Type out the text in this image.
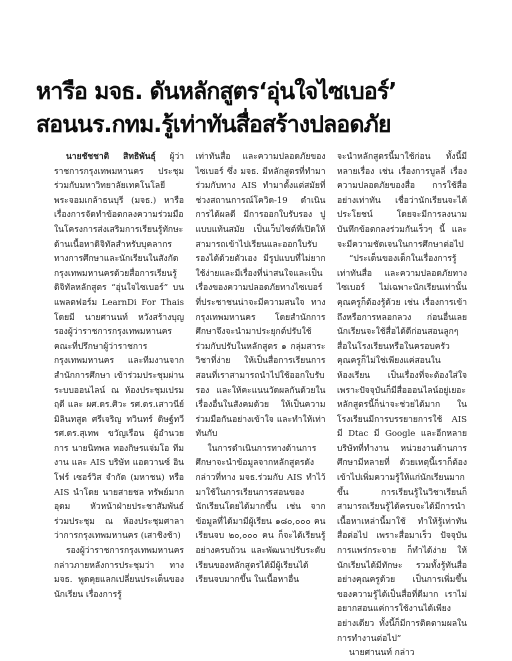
หารือ มจธ. ดันหลักสูตร‘อุ่นใจไซเบอร์’
สอนนร.กทม.รู้เท่าทันสื่อสร้างปลอดภัย

นายชัชชาติ สิทธิพันธุ์ ผู้ว่าราชการกรุงเทพมหานคร ประชุมร่วมกับมหาวิทยาลัยเทคโนโลยีพระจอมเกล้าธนบุรี (มจธ.) หารือเรื่องการจัดทำข้อตกลงความร่วมมือในโครงการส่งเสริมการเรียนรู้ทักษะด้านเนื้อหาดิจิทัลสำหรับบุคลากรทางการศึกษาและนักเรียนในสังกัดกรุงเทพมหานครด้วยสื่อการเรียนรู้ดิจิทัลหลักสูตร “อุ่นใจไซเบอร์” บนแพลตฟอร์ม LearnDi For Thais โดยมี นายศานนท์ หวังสร้างบุญ รองผู้ว่าราชการกรุงเทพมหานคร คณะที่ปรึกษาผู้ว่าราชการกรุงเทพมหานคร และทีมงานจาก สำนักการศึกษา เข้าร่วมประชุมผ่านระบบออนไลน์ ณ ห้องประชุมเปรมฤดี และ ผศ.ดร.ศิวะ รศ.ดร.เสาวนีย์ มิลินทสูต ศรีเจริญ ทวินทร์ ดิษฐ์ทวี รศ.ดร.สุเทพ ขวัญเรือน ผู้อำนวยการ นายนิทพล ทองกิษรแจ่มโอ ทีมงาน และ AIS บริษัท แอดวานซ์ อินโฟร์ เซอร์วิส จำกัด (มหาชน) หรือ AIS นำโดย นายสายชล ทรัพย์มากอุดม หัวหน้าฝ่ายประชาสัมพันธ์ ร่วมประชุม ณ ห้องประชุมศาลาว่าการกรุงเทพมหานคร (เสาชิงช้า)

รองผู้ว่าราชการกรุงเทพมหานคร กล่าวภายหลังการประชุมว่า ทาง มจธ. พูดคุยแลกเปลี่ยนประเด็นของนักเรียน เรื่องการรู้

เท่าทันสื่อ และความปลอดภัยของไซเบอร์ ซึ่ง มจธ. มีหลักสูตรที่ทำมาร่วมกับทาง AIS ทำมาตั้งแต่สมัยที่ช่วงสถานการณ์โควิด-19 ดำเนินการได้ผลดี มีการออกใบรับรอง ปูแบบแท้นสมัย เป็นเว็บไซต์ที่เปิดให้สามารถเข้าไปเรียนและออกใบรับรองได้ด้วยตัวเอง มีรูปแบบที่ไม่ยาก ใช้ง่ายและมีเรื่องที่น่าสนใจและเป็นเรื่องของความปลอดภัยทางไซเบอร์ที่ประชาชนน่าจะมีความสนใจ ทางกรุงเทพมหานคร โดยสำนักการศึกษาจึงจะนำมาประยุกต์ปรับใช้ ร่วมกับปรับในหลักสูตร ๑ กลุ่มสาระวิชาที่ง่าย ให้เป็นสื่อการเรียนการสอนที่เราสามารถนำไปใช้ออกใบรับรอง และให้คะแนนวัดผลกันด้วยในเรื่องอื่นในสังคมด้วย ให้เป็นความร่วมมือกันอย่างเข้าใจ และทำให้เท่าทันกับ

ในการดำเนินการทางด้านการศึกษาจะนำข้อมูลจากหลักสูตรดังกล่าวที่ทาง มจธ.ร่วมกับ AIS ทำไว้มาใช้ในการเรียนการสอนของนักเรียนโดยได้มากขึ้น เช่น จากข้อมูลที่ได้มามีผู้เรียน ๑๘๐,๐๐๐ คน เรียนจบ ๒๐,๐๐๐ คน ก็จะได้เรียนรู้อย่างครบถ้วน และพัฒนาปรับระดับเรียนของหลักสูตรได้มีผู้เรียนได้เรียนจบมากขึ้น ในเนื้อหาอื่น

จะนำหลักสูตรนี้มาใช้ก่อน ทั้งนี้มีหลายเรื่อง เช่น เรื่องการบูลลี่ เรื่องความปลอดภัยของสื่อ การใช้สื่ออย่างเท่าทัน เชื่อว่านักเรียนจะได้ประโยชน์ โดยจะมีการลงนามบันทึกข้อตกลงร่วมกันเร็วๆ นี้ และจะมีความชัดเจนในการศึกษาต่อไป

“ประเด็นของเด็กในเรื่องการรู้เท่าทันสื่อ และความปลอดภัยทางไซเบอร์ ไม่เฉพาะนักเรียนเท่านั้น คุณครูก็ต้องรู้ด้วย เช่น เรื่องการเข้าถึงหรือการหลอกลวง ก่อนอื่นเลยนักเรียนจะใช้สื่อได้ดีก่อนสอนลูกๆ สื่อในโรงเรียนหรือในครอบครัว คุณครูก็ไม่ใช่เพียงแค่สอนในห้องเรียน เป็นเรื่องที่จะต้องใส่ใจ เพราะปัจจุบันก็มีสื่อออนไลน์อยู่เยอะ หลักสูตรนี้ก็น่าจะช่วยได้มาก ในโรงเรียนมีการบรรยายการใช้ AIS มี Dtac มี Google และอีกหลายบริษัทที่ทำงาน หน่วยงานด้านการศึกษามีหลายที่ ด้วยเหตุนี้เราก็ต้องเข้าไปเพิ่มความรู้ให้แก่นักเรียนมากขึ้น การเรียนรู้ในวิชาเรียนก็สามารถเรียนรู้ได้ครบจะได้มีการนำเนื้อหาเหล่านี้มาใช้ ทำให้รู้เท่าทันสื่อต่อไป เพราะสื่อมาเร็ว ปัจจุบันการแพร่กระจาย ก็ทำได้ง่าย ให้นักเรียนได้มีทักษะ รวมทั้งรู้ทันสื่ออย่างคุณครูด้วย เป็นการเพิ่มขึ้นของความรู้ได้เป็นสื่อที่ดีมาก เราไม่อยากสอนแค่การใช้งานได้เพียงอย่างเดียว ทั้งนี้ก็มีการติดตามผลในการทำงานต่อไป”

นายศานนท์ กล่าว
